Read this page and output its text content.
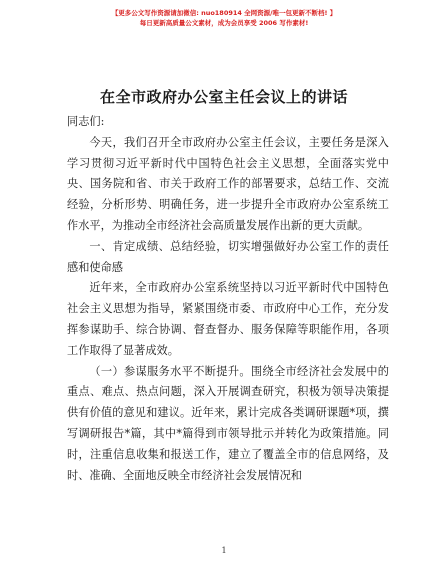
【更多公文写作资源请加微信: nuo180914 全网资源/唯一包更新不断档! 】
每日更新高质量公文素材，成为会员享受 2006 写作素材!
在全市政府办公室主任会议上的讲话

同志们:

今天，我们召开全市政府办公室主任会议，主要任务是深入学习贯彻习近平新时代中国特色社会主义思想，全面落实党中央、国务院和省、市关于政府工作的部署要求，总结工作、交流经验，分析形势、明确任务，进一步提升全市政府办公室系统工作水平，为推动全市经济社会高质量发展作出新的更大贡献。

一、肯定成绩、总结经验，切实增强做好办公室工作的责任感和使命感

近年来，全市政府办公室系统坚持以习近平新时代中国特色社会主义思想为指导，紧紧围绕市委、市政府中心工作，充分发挥参谋助手、综合协调、督查督办、服务保障等职能作用，各项工作取得了显著成效。

（一）参谋服务水平不断提升。围绕全市经济社会发展中的重点、难点、热点问题，深入开展调查研究，积极为领导决策提供有价值的意见和建议。近年来，累计完成各类调研课题*项，撰写调研报告*篇，其中*篇得到市领导批示并转化为政策措施。同时，注重信息收集和报送工作，建立了覆盖全市的信息网络，及时、准确、全面地反映全市经济社会发展情况和

1
